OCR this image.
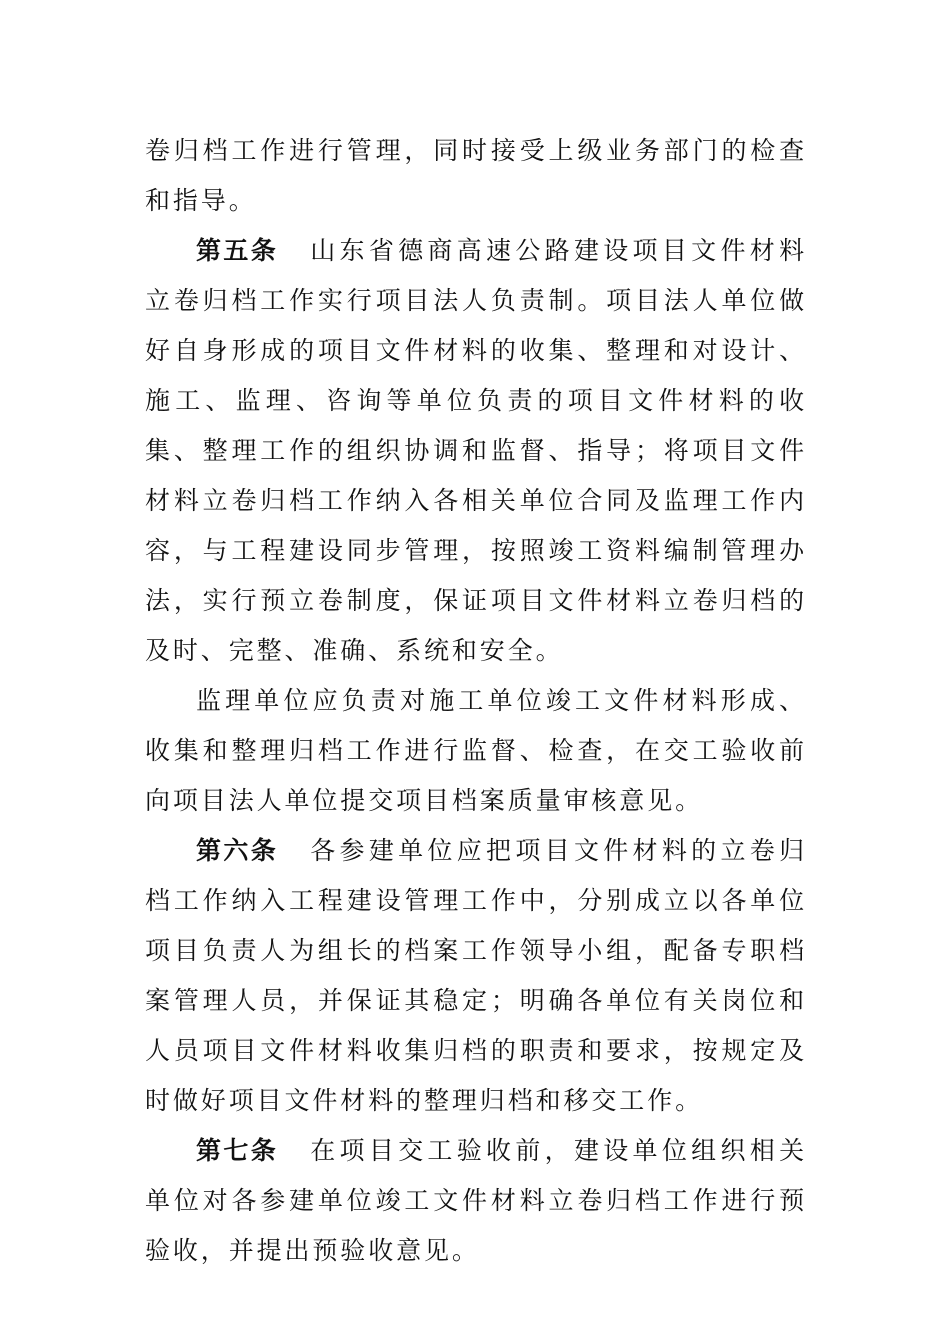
卷归档工作进行管理，同时接受上级业务部门的检查和指导。

第五条 山东省德商高速公路建设项目文件材料立卷归档工作实行项目法人负责制。项目法人单位做好自身形成的项目文件材料的收集、整理和对设计、施工、监理、咨询等单位负责的项目文件材料的收集、整理工作的组织协调和监督、指导；将项目文件材料立卷归档工作纳入各相关单位合同及监理工作内容，与工程建设同步管理，按照竣工资料编制管理办法，实行预立卷制度，保证项目文件材料立卷归档的及时、完整、准确、系统和安全。

监理单位应负责对施工单位竣工文件材料形成、收集和整理归档工作进行监督、检查，在交工验收前向项目法人单位提交项目档案质量审核意见。

第六条 各参建单位应把项目文件材料的立卷归档工作纳入工程建设管理工作中，分别成立以各单位项目负责人为组长的档案工作领导小组，配备专职档案管理人员，并保证其稳定；明确各单位有关岗位和人员项目文件材料收集归档的职责和要求，按规定及时做好项目文件材料的整理归档和移交工作。

第七条 在项目交工验收前，建设单位组织相关单位对各参建单位竣工文件材料立卷归档工作进行预验收，并提出预验收意见。
